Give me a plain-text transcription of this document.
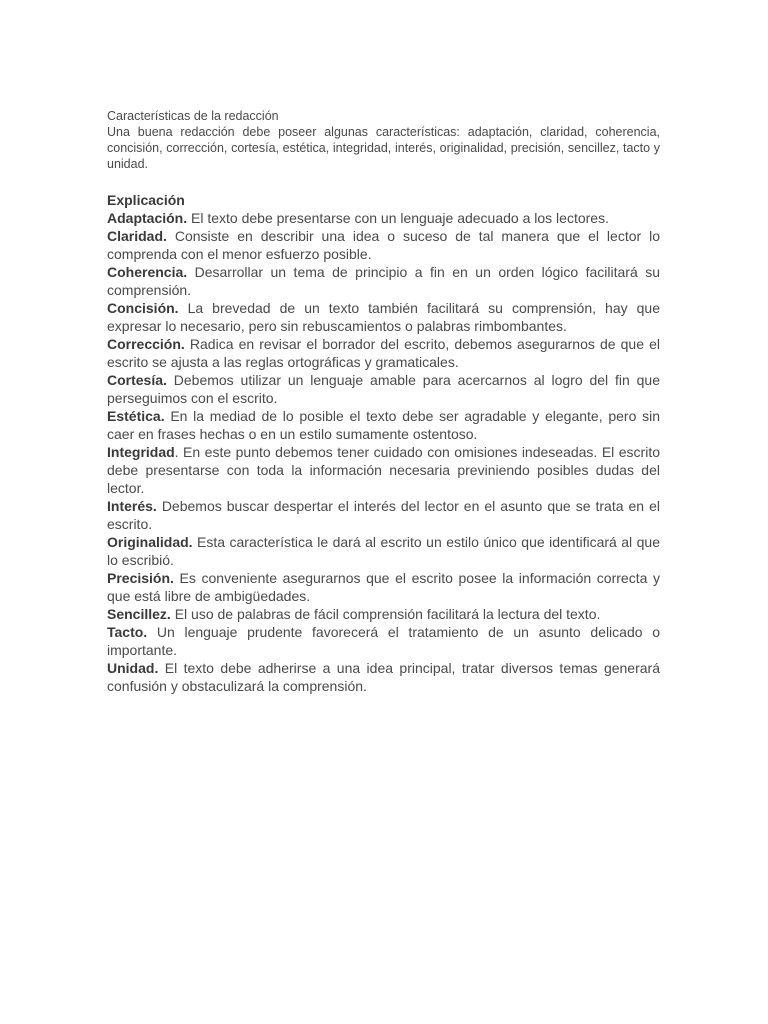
Características de la redacción

Una buena redacción debe poseer algunas características: adaptación, claridad, coherencia, concisión, corrección, cortesía, estética, integridad, interés, originalidad, precisión, sencillez, tacto y unidad.

Explicación

Adaptación. El texto debe presentarse con un lenguaje adecuado a los lectores.

Claridad. Consiste en describir una idea o suceso de tal manera que el lector lo comprenda con el menor esfuerzo posible.

Coherencia. Desarrollar un tema de principio a fin en un orden lógico facilitará su comprensión.

Concisión. La brevedad de un texto también facilitará su comprensión, hay que expresar lo necesario, pero sin rebuscamientos o palabras rimbombantes.

Corrección. Radica en revisar el borrador del escrito, debemos asegurarnos de que el escrito se ajusta a las reglas ortográficas y gramaticales.

Cortesía. Debemos utilizar un lenguaje amable para acercarnos al logro del fin que perseguimos con el escrito.

Estética. En la mediad de lo posible el texto debe ser agradable y elegante, pero sin caer en frases hechas o en un estilo sumamente ostentoso.

Integridad. En este punto debemos tener cuidado con omisiones indeseadas. El escrito debe presentarse con toda la información necesaria previniendo posibles dudas del lector.

Interés. Debemos buscar despertar el interés del lector en el asunto que se trata en el escrito.

Originalidad. Esta característica le dará al escrito un estilo único que identificará al que lo escribió.

Precisión. Es conveniente asegurarnos que el escrito posee la información correcta y que está libre de ambigüedades.

Sencillez. El uso de palabras de fácil comprensión facilitará la lectura del texto.

Tacto. Un lenguaje prudente favorecerá el tratamiento de un asunto delicado o importante.

Unidad. El texto debe adherirse a una idea principal, tratar diversos temas generará confusión y obstaculizará la comprensión.
